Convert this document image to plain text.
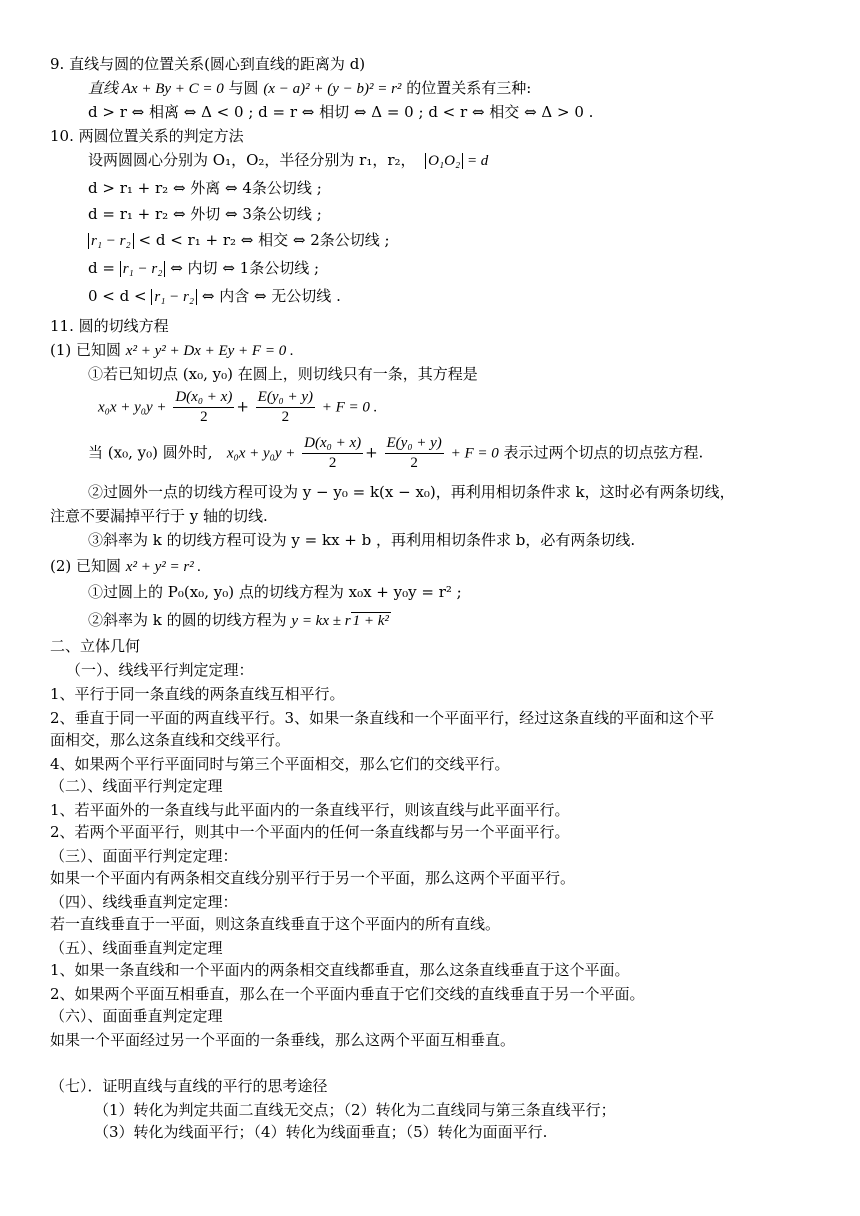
9. 直线与圆的位置关系(圆心到直线的距离为 d)
直线 Ax + By + C = 0 与圆 (x − a)² + (y − b)² = r² 的位置关系有三种:
d > r ⇔ 相离 ⇔ Δ < 0 ; d = r ⇔ 相切 ⇔ Δ = 0 ; d < r ⇔ 相交 ⇔ Δ > 0 .
10. 两圆位置关系的判定方法
设两圆圆心分别为 O₁，O₂，半径分别为 r₁，r₂， O₁O₂ = d
d > r₁ + r₂ ⇔ 外离 ⇔ 4条公切线 ;
d = r₁ + r₂ ⇔ 外切 ⇔ 3条公切线 ;
r₁ − r₂ < d < r₁ + r₂ ⇔ 相交 ⇔ 2条公切线 ;
d = r₁ − r₂ ⇔ 内切 ⇔ 1条公切线 ;
0 < d < r₁ − r₂ ⇔ 内含 ⇔ 无公切线 .
11. 圆的切线方程
(1) 已知圆 x² + y² + Dx + Ey + F = 0 .
①若已知切点 (x₀, y₀) 在圆上，则切线只有一条，其方程是
$x_0x + y_0y + \frac{\text{D(x₀ + x)}}{2} + \frac{\text{E(y₀ + y)}}{2} + F = 0$ .
当 (x₀, y₀) 圆外时, $x_0x + y_0y + \frac{\text{D(x₀ + x)}}{2} + \frac{\text{E(y₀ + y)}}{2} + F = 0$ 表示过两个切点的切点弦方程.
②过圆外一点的切线方程可设为 y − y₀ = k(x − x₀)，再利用相切条件求 k，这时必有两条切线，
注意不要漏掉平行于 y 轴的切线.
③斜率为 k 的切线方程可设为 y = kx + b ，再利用相切条件求 b，必有两条切线.
(2) 已知圆 x² + y² = r² .
①过圆上的 P₀(x₀, y₀) 点的切线方程为 x₀x + y₀y = r² ;
②斜率为 k 的圆的切线方程为 y = kx ± r 1 + k²
二、立体几何
（一）、线线平行判定定理：
1、平行于同一条直线的两条直线互相平行。
2、垂直于同一平面的两直线平行。3、如果一条直线和一个平面平行，经过这条直线的平面和这个平
面相交，那么这条直线和交线平行。
4、如果两个平行平面同时与第三个平面相交，那么它们的交线平行。
（二）、线面平行判定定理
1、若平面外的一条直线与此平面内的一条直线平行，则该直线与此平面平行。
2、若两个平面平行，则其中一个平面内的任何一条直线都与另一个平面平行。
（三）、面面平行判定定理：
如果一个平面内有两条相交直线分别平行于另一个平面，那么这两个平面平行。
（四）、线线垂直判定定理：
若一直线垂直于一平面，则这条直线垂直于这个平面内的所有直线。
（五）、线面垂直判定定理
1、如果一条直线和一个平面内的两条相交直线都垂直，那么这条直线垂直于这个平面。
2、如果两个平面互相垂直，那么在一个平面内垂直于它们交线的直线垂直于另一个平面。
（六）、面面垂直判定定理
如果一个平面经过另一个平面的一条垂线，那么这两个平面互相垂直。
（七）．证明直线与直线的平行的思考途径
（1）转化为判定共面二直线无交点；（2）转化为二直线同与第三条直线平行；
（3）转化为线面平行；（4）转化为线面垂直；（5）转化为面面平行.
